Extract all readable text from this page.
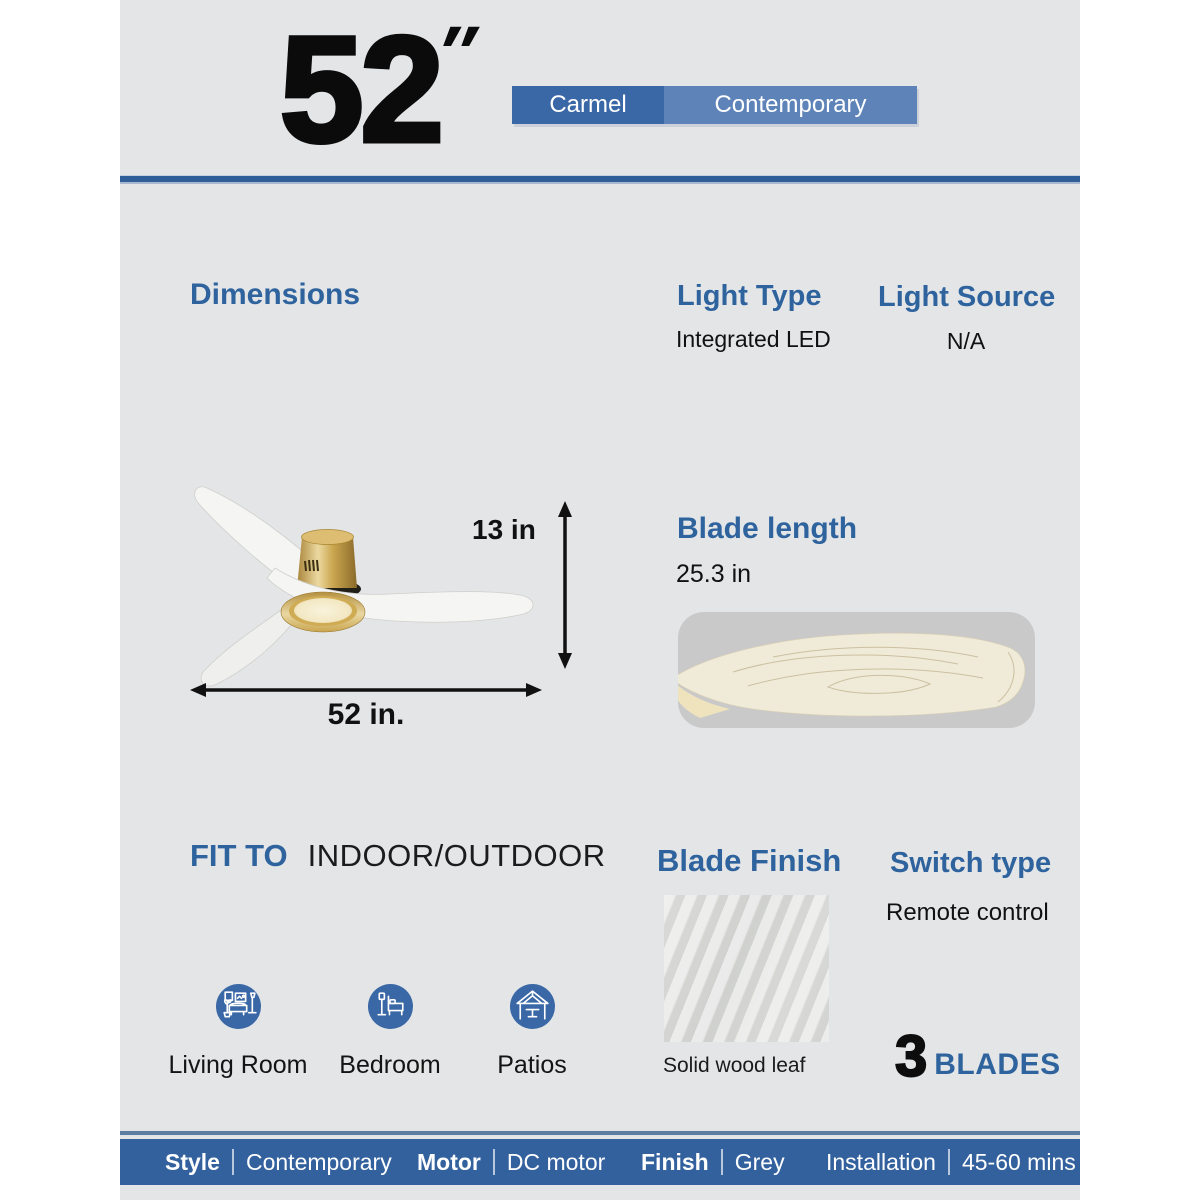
52
″
Carmel	Contemporary
Dimensions	Light Type
Integrated LED
Light Source
N/A
13 in
52 in.
Blade length
25.3 in
FIT TO INDOOR/OUTDOOR
Living Room	Bedroom	Patios
Blade Finish
Solid wood leaf
Switch type
Remote control
3 BLADES
Style Contemporary Motor DC motor Finish Grey Installation 45-60 mins
